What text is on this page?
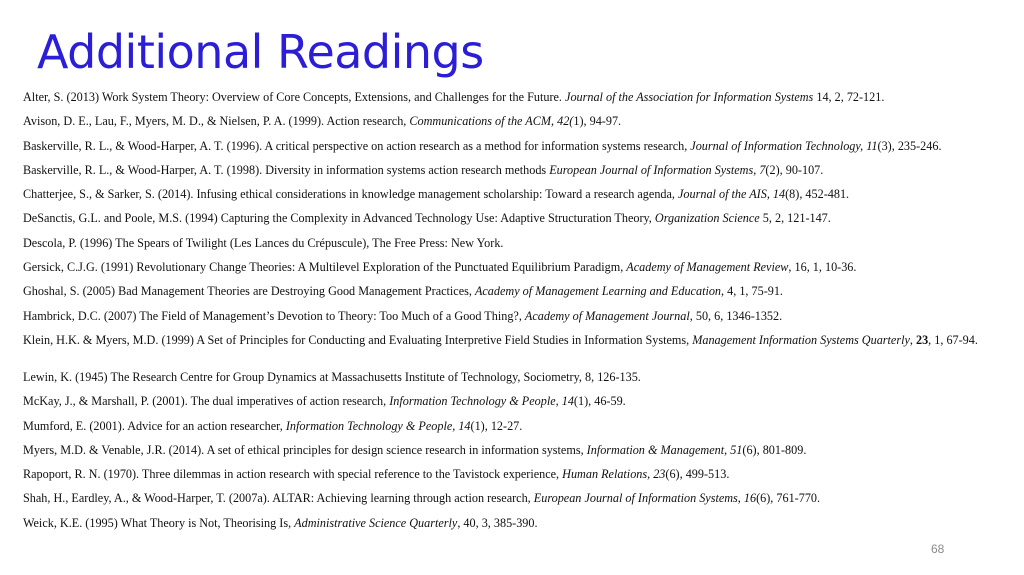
Additional Readings
Alter, S. (2013) Work System Theory: Overview of Core Concepts, Extensions, and Challenges for the Future. Journal of the Association for Information Systems 14, 2, 72-121.
Avison, D. E., Lau, F., Myers, M. D., & Nielsen, P. A. (1999). Action research, Communications of the ACM, 42(1), 94-97.
Baskerville, R. L., & Wood-Harper, A. T. (1996). A critical perspective on action research as a method for information systems research, Journal of Information Technology, 11(3), 235-246.
Baskerville, R. L., & Wood-Harper, A. T. (1998). Diversity in information systems action research methods European Journal of Information Systems, 7(2), 90-107.
Chatterjee, S., & Sarker, S. (2014). Infusing ethical considerations in knowledge management scholarship: Toward a research agenda, Journal of the AIS, 14(8), 452-481.
DeSanctis, G.L. and Poole, M.S. (1994) Capturing the Complexity in Advanced Technology Use: Adaptive Structuration Theory, Organization Science 5, 2, 121-147.
Descola, P. (1996) The Spears of Twilight (Les Lances du Crépuscule), The Free Press: New York.
Gersick, C.J.G. (1991) Revolutionary Change Theories: A Multilevel Exploration of the Punctuated Equilibrium Paradigm, Academy of Management Review, 16, 1, 10-36.
Ghoshal, S. (2005) Bad Management Theories are Destroying Good Management Practices, Academy of Management Learning and Education, 4, 1, 75-91.
Hambrick, D.C. (2007) The Field of Management’s Devotion to Theory: Too Much of a Good Thing?, Academy of Management Journal, 50, 6, 1346-1352.
Klein, H.K. & Myers, M.D. (1999) A Set of Principles for Conducting and Evaluating Interpretive Field Studies in Information Systems, Management Information Systems Quarterly, 23, 1, 67-94.
Lewin, K. (1945) The Research Centre for Group Dynamics at Massachusetts Institute of Technology, Sociometry, 8, 126-135.
McKay, J., & Marshall, P. (2001). The dual imperatives of action research, Information Technology & People, 14(1), 46-59.
Mumford, E. (2001). Advice for an action researcher, Information Technology & People, 14(1), 12-27.
Myers, M.D. & Venable, J.R. (2014). A set of ethical principles for design science research in information systems, Information & Management, 51(6), 801-809.
Rapoport, R. N. (1970). Three dilemmas in action research with special reference to the Tavistock experience, Human Relations, 23(6), 499-513.
Shah, H., Eardley, A., & Wood-Harper, T. (2007a). ALTAR: Achieving learning through action research, European Journal of Information Systems, 16(6), 761-770.
Weick, K.E. (1995) What Theory is Not, Theorising Is, Administrative Science Quarterly, 40, 3, 385-390.
68
